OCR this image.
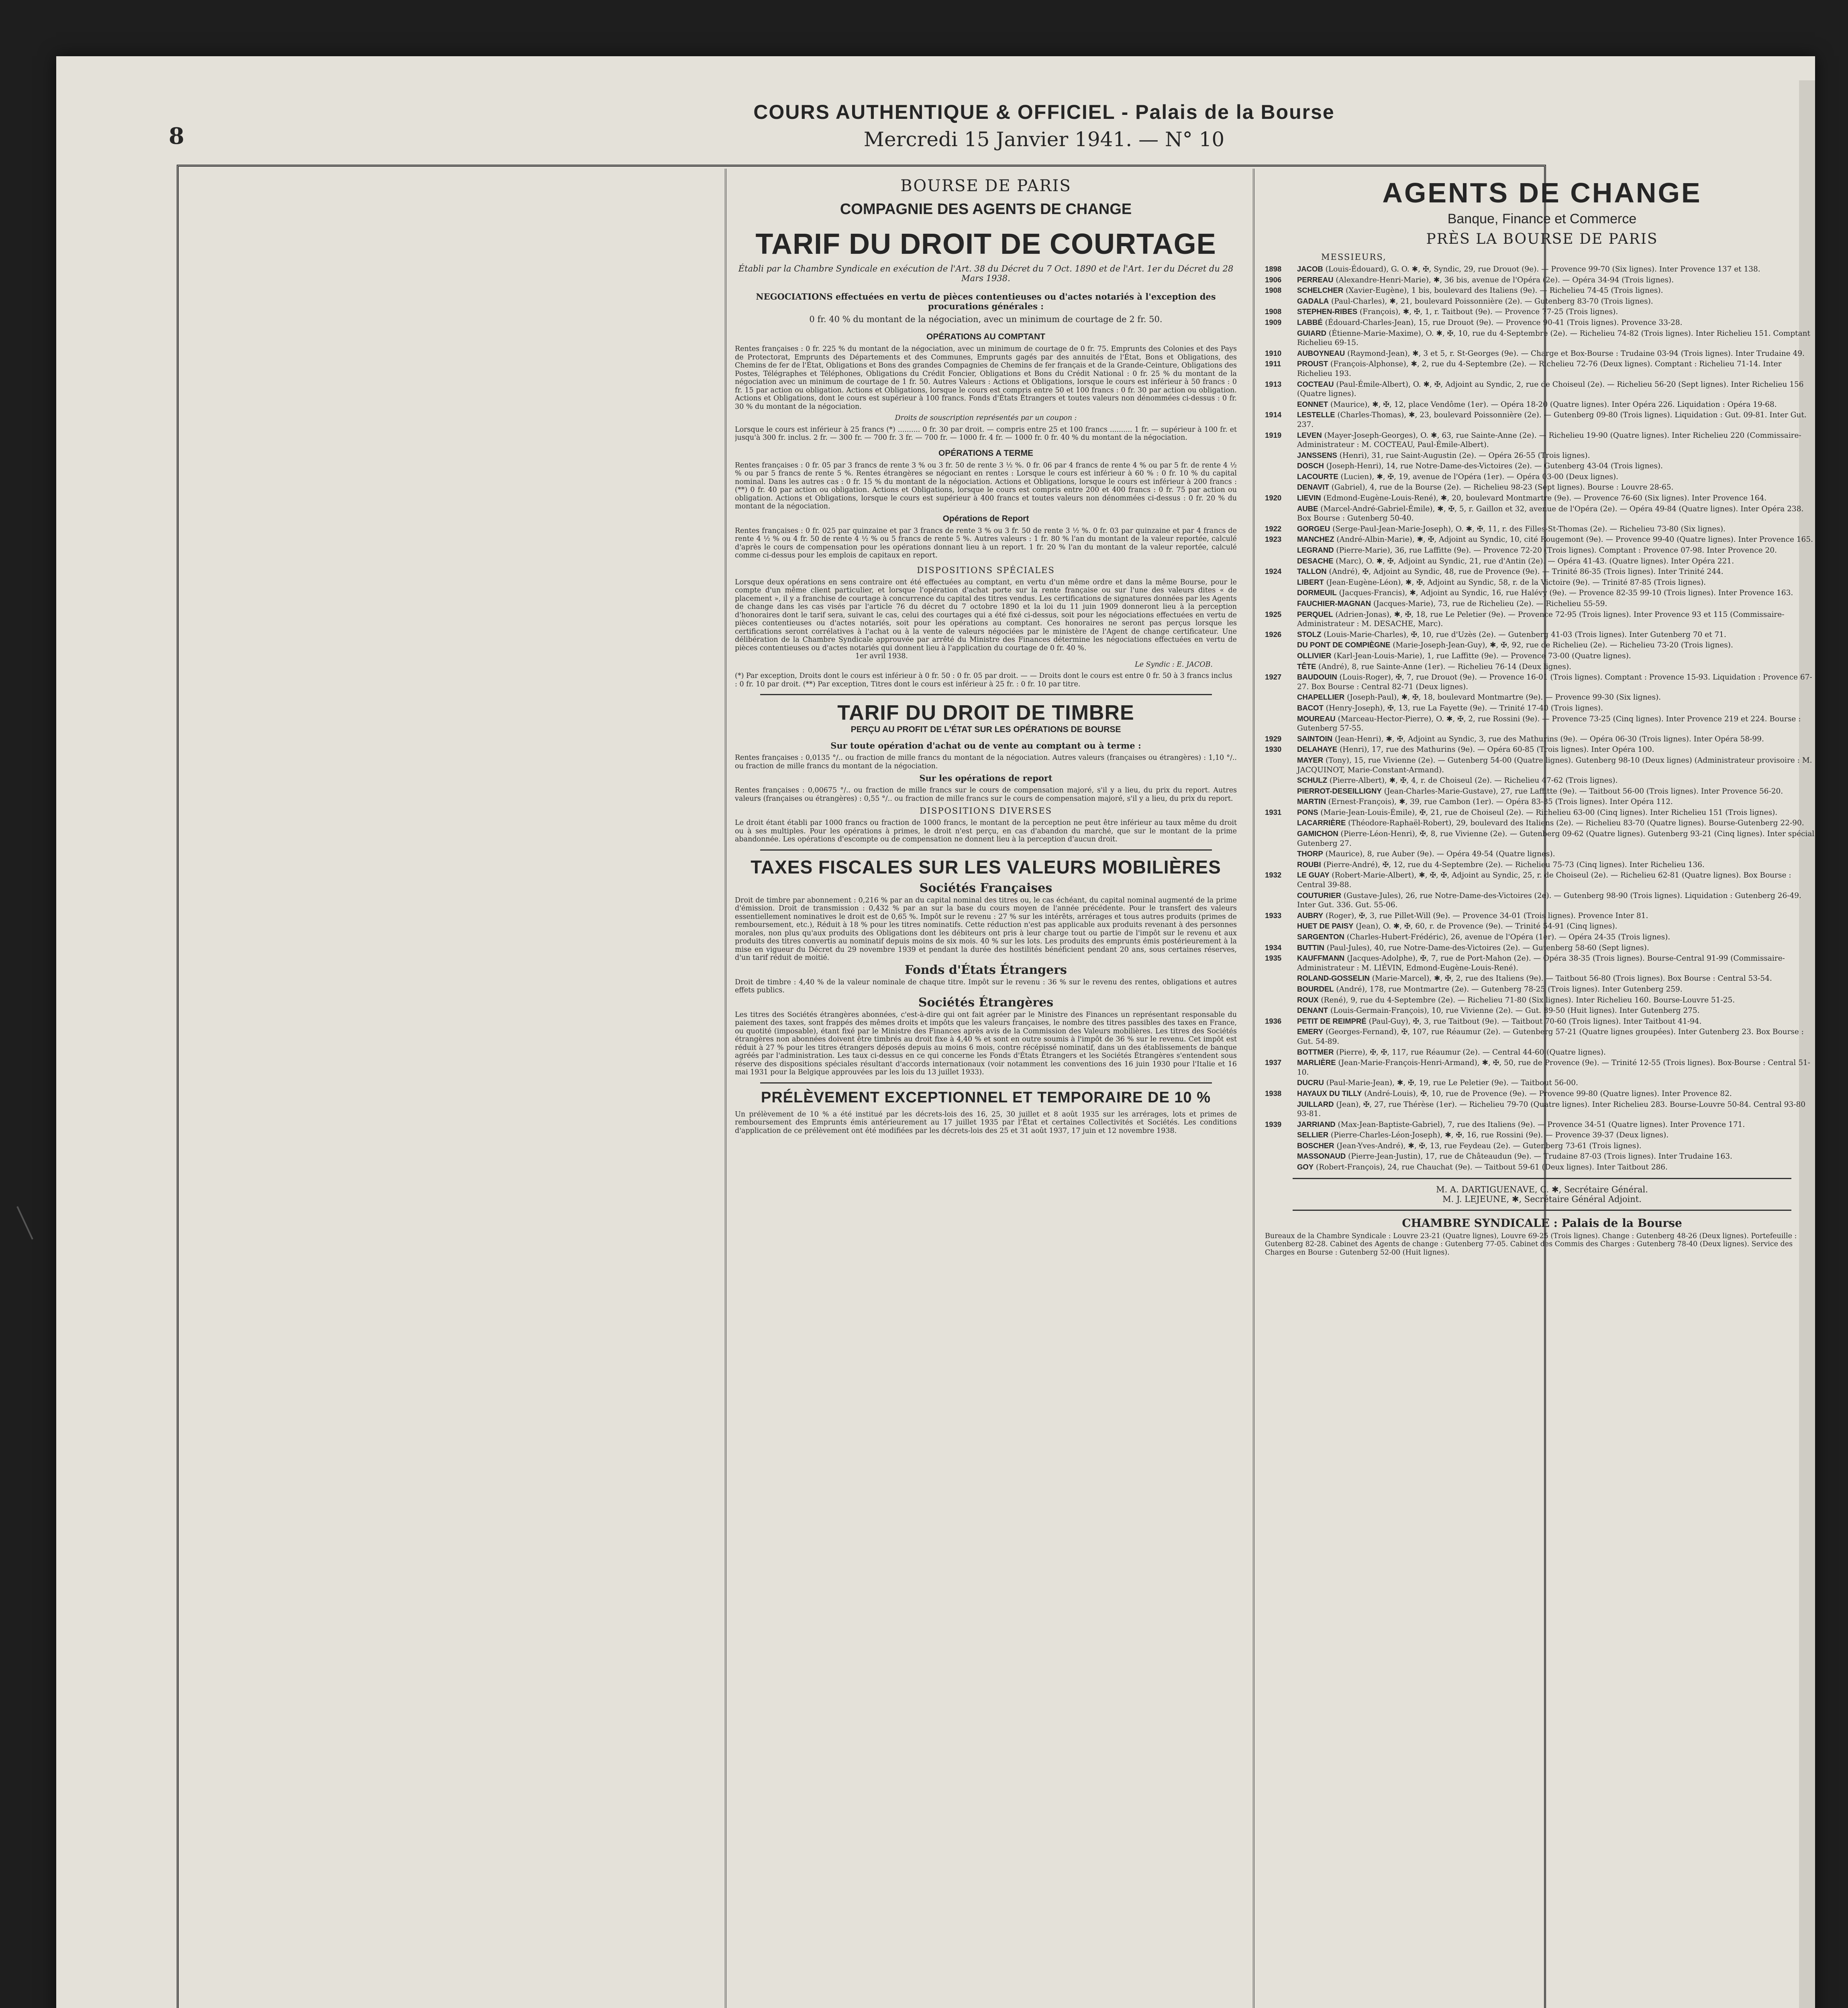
8
COURS AUTHENTIQUE & OFFICIEL - Palais de la Bourse
Mercredi 15 Janvier 1941. — N° 10
BOURSE DE PARIS
COMPAGNIE DES AGENTS DE CHANGE
TARIF DU DROIT DE COURTAGE
Établi par la Chambre Syndicale en exécution de l'Art. 38 du Décret du 7 Oct. 1890 et de l'Art. 1er du Décret du 28 Mars 1938.
NEGOCIATIONS effectuées en vertu de pièces contentieuses ou d'actes notariés à l'exception des procurations générales :
0 fr. 40 % du montant de la négociation, avec un minimum de courtage de 2 fr. 50.
OPÉRATIONS AU COMPTANT
Rentes françaises : 0 fr. 225 % du montant de la négociation, avec un minimum de courtage de 0 fr. 75. Emprunts des Colonies et des Pays de Protectorat, Emprunts des Départements et des Communes, Emprunts gagés par des annuités de l'État, Bons et Obligations, des Chemins de fer de l'État, Obligations et Bons des grandes Compagnies de Chemins de fer français et de la Grande-Ceinture, Obligations des Postes, Télégraphes et Téléphones, Obligations du Crédit Foncier, Obligations et Bons du Crédit National : 0 fr. 25 % du montant de la négociation avec un minimum de courtage de 1 fr. 50. Autres Valeurs : Actions et Obligations, lorsque le cours est inférieur à 50 francs : 0 fr. 15 par action ou obligation. Actions et Obligations, lorsque le cours est compris entre 50 et 100 francs : 0 fr. 30 par action ou obligation. Actions et Obligations, dont le cours est supérieur à 100 francs. Fonds d'États Étrangers et toutes valeurs non dénommées ci-dessus : 0 fr. 30 % du montant de la négociation.
Droits de souscription représentés par un coupon :
Lorsque le cours est inférieur à 25 francs (*) .......... 0 fr. 30 par droit. — compris entre 25 et 100 francs .......... 1 fr. — supérieur à 100 fr. et jusqu'à 300 fr. inclus. 2 fr. — 300 fr. — 700 fr. 3 fr. — 700 fr. — 1000 fr. 4 fr. — 1000 fr. 0 fr. 40 % du montant de la négociation.
OPÉRATIONS A TERME
Rentes françaises : 0 fr. 05 par 3 francs de rente 3 % ou 3 fr. 50 de rente 3 ½ %. 0 fr. 06 par 4 francs de rente 4 % ou par 5 fr. de rente 4 ½ % ou par 5 francs de rente 5 %. Rentes étrangères se négociant en rentes : Lorsque le cours est inférieur à 60 % : 0 fr. 10 % du capital nominal. Dans les autres cas : 0 fr. 15 % du montant de la négociation. Actions et Obligations, lorsque le cours est inférieur à 200 francs : (**) 0 fr. 40 par action ou obligation. Actions et Obligations, lorsque le cours est compris entre 200 et 400 francs : 0 fr. 75 par action ou obligation. Actions et Obligations, lorsque le cours est supérieur à 400 francs et toutes valeurs non dénommées ci-dessus : 0 fr. 20 % du montant de la négociation.
Opérations de Report
Rentes françaises : 0 fr. 025 par quinzaine et par 3 francs de rente 3 % ou 3 fr. 50 de rente 3 ½ %. 0 fr. 03 par quinzaine et par 4 francs de rente 4 ½ % ou 4 fr. 50 de rente 4 ½ % ou 5 francs de rente 5 %. Autres valeurs : 1 fr. 80 % l'an du montant de la valeur reportée, calculé d'après le cours de compensation pour les opérations donnant lieu à un report. 1 fr. 20 % l'an du montant de la valeur reportée, calculé comme ci-dessus pour les emplois de capitaux en report.
DISPOSITIONS SPÉCIALES
Lorsque deux opérations en sens contraire ont été effectuées au comptant, en vertu d'un même ordre et dans la même Bourse, pour le compte d'un même client particulier, et lorsque l'opération d'achat porte sur la rente française ou sur l'une des valeurs dites « de placement », il y a franchise de courtage à concurrence du capital des titres vendus. Les certifications de signatures données par les Agents de change dans les cas visés par l'article 76 du décret du 7 octobre 1890 et la loi du 11 juin 1909 donneront lieu à la perception d'honoraires dont le tarif sera, suivant le cas, celui des courtages qui a été fixé ci-dessus, soit pour les négociations effectuées en vertu de pièces contentieuses ou d'actes notariés, soit pour les opérations au comptant. Ces honoraires ne seront pas perçus lorsque les certifications seront corrélatives à l'achat ou à la vente de valeurs négociées par le ministère de l'Agent de change certificateur. Une délibération de la Chambre Syndicale approuvée par arrêté du Ministre des Finances détermine les négociations effectuées en vertu de pièces contentieuses ou d'actes notariés qui donnent lieu à l'application du courtage de 0 fr. 40 %.
1er avril 1938.
Le Syndic : E. JACOB.
(*) Par exception, Droits dont le cours est inférieur à 0 fr. 50 : 0 fr. 05 par droit. — — Droits dont le cours est entre 0 fr. 50 à 3 francs inclus : 0 fr. 10 par droit. (**) Par exception, Titres dont le cours est inférieur à 25 fr. : 0 fr. 10 par titre.
TARIF DU DROIT DE TIMBRE
PERÇU AU PROFIT DE L'ÉTAT SUR LES OPÉRATIONS DE BOURSE
Sur toute opération d'achat ou de vente au comptant ou à terme :
Rentes françaises : 0,0135 °/.. ou fraction de mille francs du montant de la négociation. Autres valeurs (françaises ou étrangères) : 1,10 °/.. ou fraction de mille francs du montant de la négociation.
Sur les opérations de report
Rentes françaises : 0,00675 °/.. ou fraction de mille francs sur le cours de compensation majoré, s'il y a lieu, du prix du report. Autres valeurs (françaises ou étrangères) : 0,55 °/.. ou fraction de mille francs sur le cours de compensation majoré, s'il y a lieu, du prix du report.
DISPOSITIONS DIVERSES
Le droit étant établi par 1000 francs ou fraction de 1000 francs, le montant de la perception ne peut être inférieur au taux même du droit ou à ses multiples. Pour les opérations à primes, le droit n'est perçu, en cas d'abandon du marché, que sur le montant de la prime abandonnée. Les opérations d'escompte ou de compensation ne donnent lieu à la perception d'aucun droit.
TAXES FISCALES SUR LES VALEURS MOBILIÈRES
Sociétés Françaises
Droit de timbre par abonnement : 0,216 % par an du capital nominal des titres ou, le cas échéant, du capital nominal augmenté de la prime d'émission. Droit de transmission : 0,432 % par an sur la base du cours moyen de l'année précédente. Pour le transfert des valeurs essentiellement nominatives le droit est de 0,65 %. Impôt sur le revenu : 27 % sur les intérêts, arrérages et tous autres produits (primes de remboursement, etc.), Réduit à 18 % pour les titres nominatifs. Cette réduction n'est pas applicable aux produits revenant à des personnes morales, non plus qu'aux produits des Obligations dont les débiteurs ont pris à leur charge tout ou partie de l'impôt sur le revenu et aux produits des titres convertis au nominatif depuis moins de six mois. 40 % sur les lots. Les produits des emprunts émis postérieurement à la mise en vigueur du Décret du 29 novembre 1939 et pendant la durée des hostilités bénéficient pendant 20 ans, sous certaines réserves, d'un tarif réduit de moitié.
Fonds d'États Étrangers
Droit de timbre : 4,40 % de la valeur nominale de chaque titre. Impôt sur le revenu : 36 % sur le revenu des rentes, obligations et autres effets publics.
Sociétés Étrangères
Les titres des Sociétés étrangères abonnées, c'est-à-dire qui ont fait agréer par le Ministre des Finances un représentant responsable du paiement des taxes, sont frappés des mêmes droits et impôts que les valeurs françaises, le nombre des titres passibles des taxes en France, ou quotité (imposable), étant fixé par le Ministre des Finances après avis de la Commission des Valeurs mobilières. Les titres des Sociétés étrangères non abonnées doivent être timbrés au droit fixe à 4,40 % et sont en outre soumis à l'impôt de 36 % sur le revenu. Cet impôt est réduit à 27 % pour les titres étrangers déposés depuis au moins 6 mois, contre récépissé nominatif, dans un des établissements de banque agréés par l'administration. Les taux ci-dessus en ce qui concerne les Fonds d'États Étrangers et les Sociétés Étrangères s'entendent sous réserve des dispositions spéciales résultant d'accords internationaux (voir notamment les conventions des 16 juin 1930 pour l'Italie et 16 mai 1931 pour la Belgique approuvées par les lois du 13 juillet 1933).
PRÉLÈVEMENT EXCEPTIONNEL ET TEMPORAIRE DE 10 %
Un prélèvement de 10 % a été institué par les décrets-lois des 16, 25, 30 juillet et 8 août 1935 sur les arrérages, lots et primes de remboursement des Emprunts émis antérieurement au 17 juillet 1935 par l'État et certaines Collectivités et Sociétés. Les conditions d'application de ce prélèvement ont été modifiées par les décrets-lois des 25 et 31 août 1937, 17 juin et 12 novembre 1938.
AGENTS DE CHANGE
Banque, Finance et Commerce
PRÈS LA BOURSE DE PARIS
MESSIEURS,
1898	JACOB (Louis-Édouard), G. O. ✱, ✠, Syndic, 29, rue Drouot (9e). — Provence 99-70 (Six lignes). Inter Provence 137 et 138.
1906	PERREAU (Alexandre-Henri-Marie), ✱, 36 bis, avenue de l'Opéra (2e). — Opéra 34-94 (Trois lignes).
1908	SCHELCHER (Xavier-Eugène), 1 bis, boulevard des Italiens (9e). — Richelieu 74-45 (Trois lignes).
GADALA (Paul-Charles), ✱, 21, boulevard Poissonnière (2e). — Gutenberg 83-70 (Trois lignes).
1908	STEPHEN-RIBES (François), ✱, ✠, 1, r. Taitbout (9e). — Provence 77-25 (Trois lignes).
1909	LABBÉ (Édouard-Charles-Jean), 15, rue Drouot (9e). — Provence 90-41 (Trois lignes). Provence 33-28.
GUIARD (Étienne-Marie-Maxime), O. ✱, ✠, 10, rue du 4-Septembre (2e). — Richelieu 74-82 (Trois lignes). Inter Richelieu 151. Comptant Richelieu 69-15.
1910	AUBOYNEAU (Raymond-Jean), ✱, 3 et 5, r. St-Georges (9e). — Charge et Box-Bourse : Trudaine 03-94 (Trois lignes). Inter Trudaine 49.
1911	PROUST (François-Alphonse), ✱, 2, rue du 4-Septembre (2e). — Richelieu 72-76 (Deux lignes). Comptant : Richelieu 71-14. Inter Richelieu 193.
1913	COCTEAU (Paul-Émile-Albert), O. ✱, ✠, Adjoint au Syndic, 2, rue de Choiseul (2e). — Richelieu 56-20 (Sept lignes). Inter Richelieu 156 (Quatre lignes).
EONNET (Maurice), ✱, ✠, 12, place Vendôme (1er). — Opéra 18-20 (Quatre lignes). Inter Opéra 226. Liquidation : Opéra 19-68.
1914	LESTELLE (Charles-Thomas), ✱, 23, boulevard Poissonnière (2e). — Gutenberg 09-80 (Trois lignes). Liquidation : Gut. 09-81. Inter Gut. 237.
1919	LEVEN (Mayer-Joseph-Georges), O. ✱, 63, rue Sainte-Anne (2e). — Richelieu 19-90 (Quatre lignes). Inter Richelieu 220 (Commissaire-Administrateur : M. COCTEAU, Paul-Émile-Albert).
JANSSENS (Henri), 31, rue Saint-Augustin (2e). — Opéra 26-55 (Trois lignes).
DOSCH (Joseph-Henri), 14, rue Notre-Dame-des-Victoires (2e). — Gutenberg 43-04 (Trois lignes).
LACOURTE (Lucien), ✱, ✠, 19, avenue de l'Opéra (1er). — Opéra 03-00 (Deux lignes).
DENAVIT (Gabriel), 4, rue de la Bourse (2e). — Richelieu 98-23 (Sept lignes). Bourse : Louvre 28-65.
1920	LIEVIN (Edmond-Eugène-Louis-René), ✱, 20, boulevard Montmartre (9e). — Provence 76-60 (Six lignes). Inter Provence 164.
AUBE (Marcel-André-Gabriel-Émile), ✱, ✠, 5, r. Gaillon et 32, avenue de l'Opéra (2e). — Opéra 49-84 (Quatre lignes). Inter Opéra 238. Box Bourse : Gutenberg 50-40.
1922	GORGEU (Serge-Paul-Jean-Marie-Joseph), O. ✱, ✠, 11, r. des Filles-St-Thomas (2e). — Richelieu 73-80 (Six lignes).
1923	MANCHEZ (André-Albin-Marie), ✱, ✠, Adjoint au Syndic, 10, cité Rougemont (9e). — Provence 99-40 (Quatre lignes). Inter Provence 165.
LEGRAND (Pierre-Marie), 36, rue Laffitte (9e). — Provence 72-20 (Trois lignes). Comptant : Provence 07-98. Inter Provence 20.
DESACHE (Marc), O. ✱, ✠, Adjoint au Syndic, 21, rue d'Antin (2e). — Opéra 41-43. (Quatre lignes). Inter Opéra 221.
1924	TALLON (André), ✠, Adjoint au Syndic, 48, rue de Provence (9e). — Trinité 86-35 (Trois lignes). Inter Trinité 244.
LIBERT (Jean-Eugène-Léon), ✱, ✠, Adjoint au Syndic, 58, r. de la Victoire (9e). — Trinité 87-85 (Trois lignes).
DORMEUIL (Jacques-Francis), ✱, Adjoint au Syndic, 16, rue Halévy (9e). — Provence 82-35 99-10 (Trois lignes). Inter Provence 163.
FAUCHIER-MAGNAN (Jacques-Marie), 73, rue de Richelieu (2e). — Richelieu 55-59.
1925	PERQUEL (Adrien-Jonas), ✱, ✠, 18, rue Le Peletier (9e). — Provence 72-95 (Trois lignes). Inter Provence 93 et 115 (Commissaire-Administrateur : M. DESACHE, Marc).
1926	STOLZ (Louis-Marie-Charles), ✠, 10, rue d'Uzès (2e). — Gutenberg 41-03 (Trois lignes). Inter Gutenberg 70 et 71.
DU PONT DE COMPIÈGNE (Marie-Joseph-Jean-Guy), ✱, ✠, 92, rue de Richelieu (2e). — Richelieu 73-20 (Trois lignes).
OLLIVIER (Karl-Jean-Louis-Marie), 1, rue Laffitte (9e). — Provence 73-00 (Quatre lignes).
TÊTE (André), 8, rue Sainte-Anne (1er). — Richelieu 76-14 (Deux lignes).
1927	BAUDOUIN (Louis-Roger), ✠, 7, rue Drouot (9e). — Provence 16-01 (Trois lignes). Comptant : Provence 15-93. Liquidation : Provence 67-27. Box Bourse : Central 82-71 (Deux lignes).
CHAPELLIER (Joseph-Paul), ✱, ✠, 18, boulevard Montmartre (9e). — Provence 99-30 (Six lignes).
BACOT (Henry-Joseph), ✠, 13, rue La Fayette (9e). — Trinité 17-40 (Trois lignes).
MOUREAU (Marceau-Hector-Pierre), O. ✱, ✠, 2, rue Rossini (9e). — Provence 73-25 (Cinq lignes). Inter Provence 219 et 224. Bourse : Gutenberg 57-55.
1929	SAINTOIN (Jean-Henri), ✱, ✠, Adjoint au Syndic, 3, rue des Mathurins (9e). — Opéra 06-30 (Trois lignes). Inter Opéra 58-99.
1930	DELAHAYE (Henri), 17, rue des Mathurins (9e). — Opéra 60-85 (Trois lignes). Inter Opéra 100.
MAYER (Tony), 15, rue Vivienne (2e). — Gutenberg 54-00 (Quatre lignes). Gutenberg 98-10 (Deux lignes) (Administrateur provisoire : M. JACQUINOT, Marie-Constant-Armand).
SCHULZ (Pierre-Albert), ✱, ✠, 4, r. de Choiseul (2e). — Richelieu 47-62 (Trois lignes).
PIERROT-DESEILLIGNY (Jean-Charles-Marie-Gustave), 27, rue Laffitte (9e). — Taitbout 56-00 (Trois lignes). Inter Provence 56-20.
MARTIN (Ernest-François), ✱, 39, rue Cambon (1er). — Opéra 83-85 (Trois lignes). Inter Opéra 112.
1931	PONS (Marie-Jean-Louis-Émile), ✠, 21, rue de Choiseul (2e). — Richelieu 63-00 (Cinq lignes). Inter Richelieu 151 (Trois lignes).
LACARRIÈRE (Théodore-Raphaël-Robert), 29, boulevard des Italiens (2e). — Richelieu 83-70 (Quatre lignes). Bourse-Gutenberg 22-90.
GAMICHON (Pierre-Léon-Henri), ✠, 8, rue Vivienne (2e). — Gutenberg 09-62 (Quatre lignes). Gutenberg 93-21 (Cinq lignes). Inter spécial Gutenberg 27.
THORP (Maurice), 8, rue Auber (9e). — Opéra 49-54 (Quatre lignes).
ROUBI (Pierre-André), ✠, 12, rue du 4-Septembre (2e). — Richelieu 75-73 (Cinq lignes). Inter Richelieu 136.
1932	LE GUAY (Robert-Marie-Albert), ✱, ✠, ✠, Adjoint au Syndic, 25, r. de Choiseul (2e). — Richelieu 62-81 (Quatre lignes). Box Bourse : Central 39-88.
COUTURIER (Gustave-Jules), 26, rue Notre-Dame-des-Victoires (2e). — Gutenberg 98-90 (Trois lignes). Liquidation : Gutenberg 26-49. Inter Gut. 336. Gut. 55-06.
1933	AUBRY (Roger), ✠, 3, rue Pillet-Will (9e). — Provence 34-01 (Trois lignes). Provence Inter 81.
HUET DE PAISY (Jean), O. ✱, ✠, 60, r. de Provence (9e). — Trinité 54-91 (Cinq lignes).
SARGENTON (Charles-Hubert-Frédéric), 26, avenue de l'Opéra (1er). — Opéra 24-35 (Trois lignes).
1934	BUTTIN (Paul-Jules), 40, rue Notre-Dame-des-Victoires (2e). — Gutenberg 58-60 (Sept lignes).
1935	KAUFFMANN (Jacques-Adolphe), ✠, 7, rue de Port-Mahon (2e). — Opéra 38-35 (Trois lignes). Bourse-Central 91-99 (Commissaire-Administrateur : M. LIÉVIN, Edmond-Eugène-Louis-René).
ROLAND-GOSSELIN (Marie-Marcel), ✱, ✠, 2, rue des Italiens (9e). — Taitbout 56-80 (Trois lignes). Box Bourse : Central 53-54.
BOURDEL (André), 178, rue Montmartre (2e). — Gutenberg 78-25 (Trois lignes). Inter Gutenberg 259.
ROUX (René), 9, rue du 4-Septembre (2e). — Richelieu 71-80 (Six lignes). Inter Richelieu 160. Bourse-Louvre 51-25.
DENANT (Louis-Germain-François), 10, rue Vivienne (2e). — Gut. 89-50 (Huit lignes). Inter Gutenberg 275.
1936	PETIT DE REIMPRÉ (Paul-Guy), ✠, 3, rue Taitbout (9e). — Taitbout 70-60 (Trois lignes). Inter Taitbout 41-94.
EMERY (Georges-Fernand), ✠, 107, rue Réaumur (2e). — Gutenberg 57-21 (Quatre lignes groupées). Inter Gutenberg 23. Box Bourse : Gut. 54-89.
BOTTMER (Pierre), ✠, ✠, 117, rue Réaumur (2e). — Central 44-60 (Quatre lignes).
1937	MARLIÈRE (Jean-Marie-François-Henri-Armand), ✱, ✠, 50, rue de Provence (9e). — Trinité 12-55 (Trois lignes). Box-Bourse : Central 51-10.
DUCRU (Paul-Marie-Jean), ✱, ✠, 19, rue Le Peletier (9e). — Taitbout 56-00.
1938	HAYAUX DU TILLY (André-Louis), ✠, 10, rue de Provence (9e). — Provence 99-80 (Quatre lignes). Inter Provence 82.
JUILLARD (Jean), ✠, 27, rue Thérèse (1er). — Richelieu 79-70 (Quatre lignes). Inter Richelieu 283. Bourse-Louvre 50-84. Central 93-80 93-81.
1939	JARRIAND (Max-Jean-Baptiste-Gabriel), 7, rue des Italiens (9e). — Provence 34-51 (Quatre lignes). Inter Provence 171.
SELLIER (Pierre-Charles-Léon-Joseph), ✱, ✠, 16, rue Rossini (9e). — Provence 39-37 (Deux lignes).
BOSCHER (Jean-Yves-André), ✱, ✠, 13, rue Feydeau (2e). — Gutenberg 73-61 (Trois lignes).
MASSONAUD (Pierre-Jean-Justin), 17, rue de Châteaudun (9e). — Trudaine 87-03 (Trois lignes). Inter Trudaine 163.
GOY (Robert-François), 24, rue Chauchat (9e). — Taitbout 59-61 (Deux lignes). Inter Taitbout 286.
M. A. DARTIGUENAVE, C. ✱, Secrétaire Général.
M. J. LEJEUNE, ✱, Secrétaire Général Adjoint.
CHAMBRE SYNDICALE : Palais de la Bourse
Bureaux de la Chambre Syndicale : Louvre 23-21 (Quatre lignes), Louvre 69-25 (Trois lignes). Change : Gutenberg 48-26 (Deux lignes). Portefeuille : Gutenberg 82-28. Cabinet des Agents de change : Gutenberg 77-05. Cabinet des Commis des Charges : Gutenberg 78-40 (Deux lignes). Service des Charges en Bourse : Gutenberg 52-00 (Huit lignes).
